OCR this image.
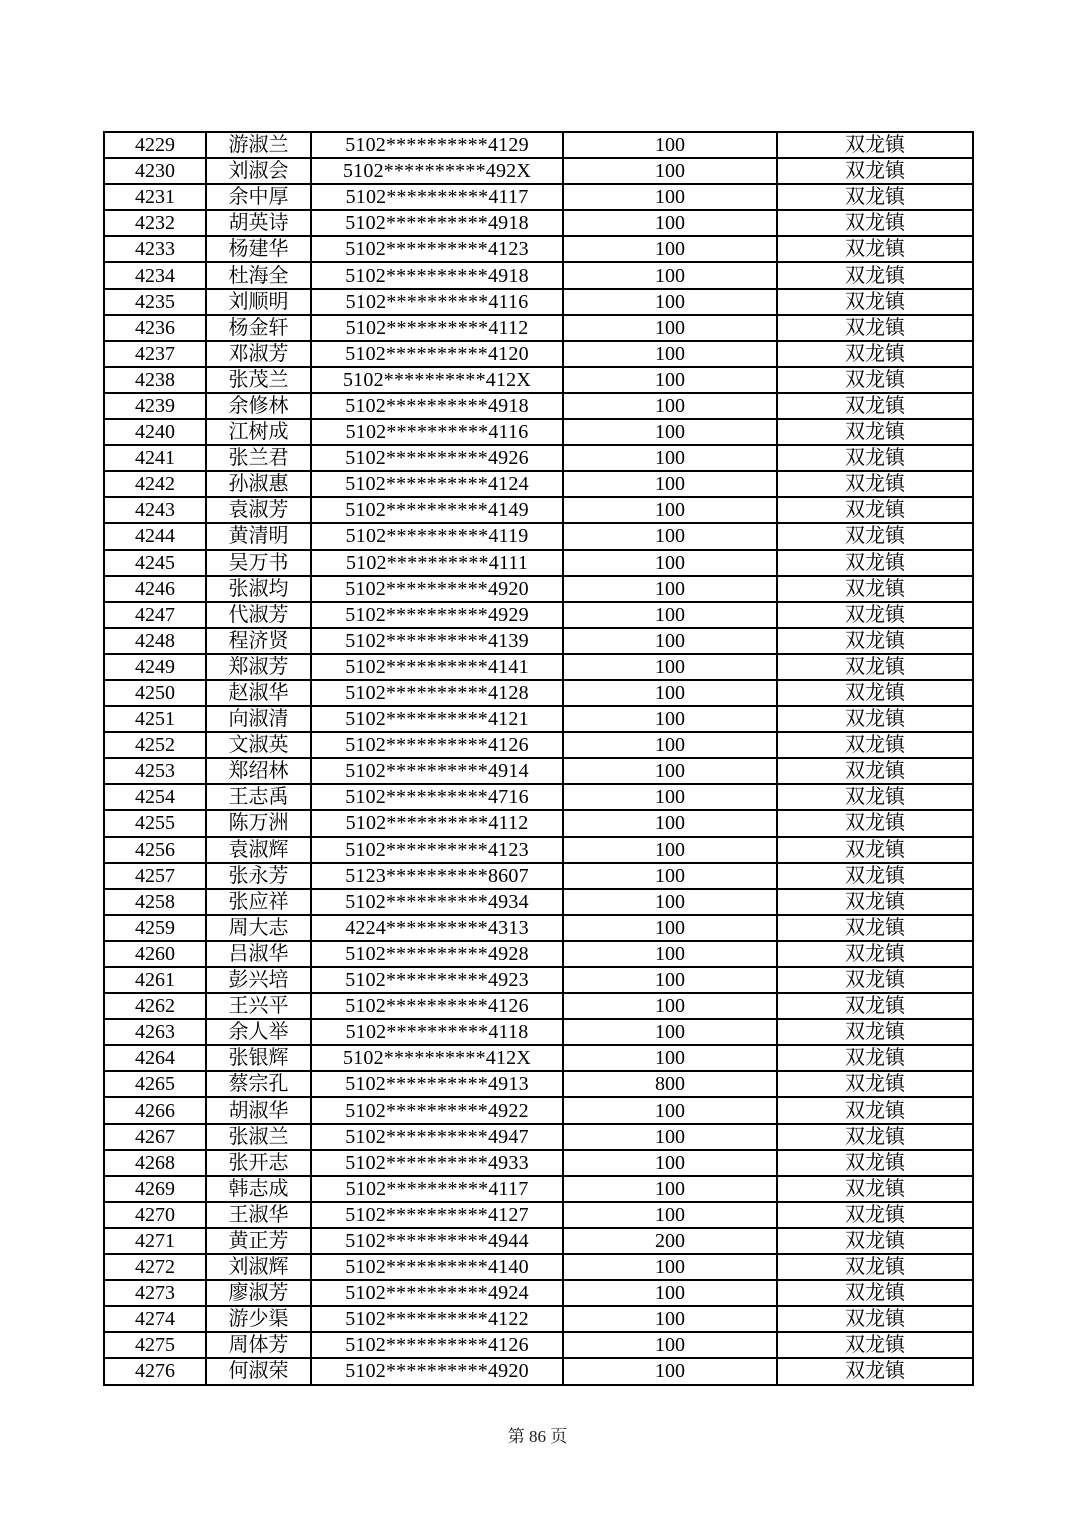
4229	游淑兰	5102**********4129	100	双龙镇
4230	刘淑会	5102**********492X	100	双龙镇
4231	余中厚	5102**********4117	100	双龙镇
4232	胡英诗	5102**********4918	100	双龙镇
4233	杨建华	5102**********4123	100	双龙镇
4234	杜海全	5102**********4918	100	双龙镇
4235	刘顺明	5102**********4116	100	双龙镇
4236	杨金轩	5102**********4112	100	双龙镇
4237	邓淑芳	5102**********4120	100	双龙镇
4238	张茂兰	5102**********412X	100	双龙镇
4239	余修林	5102**********4918	100	双龙镇
4240	江树成	5102**********4116	100	双龙镇
4241	张兰君	5102**********4926	100	双龙镇
4242	孙淑惠	5102**********4124	100	双龙镇
4243	袁淑芳	5102**********4149	100	双龙镇
4244	黄清明	5102**********4119	100	双龙镇
4245	吴万书	5102**********4111	100	双龙镇
4246	张淑均	5102**********4920	100	双龙镇
4247	代淑芳	5102**********4929	100	双龙镇
4248	程济贤	5102**********4139	100	双龙镇
4249	郑淑芳	5102**********4141	100	双龙镇
4250	赵淑华	5102**********4128	100	双龙镇
4251	向淑清	5102**********4121	100	双龙镇
4252	文淑英	5102**********4126	100	双龙镇
4253	郑绍林	5102**********4914	100	双龙镇
4254	王志禹	5102**********4716	100	双龙镇
4255	陈万洲	5102**********4112	100	双龙镇
4256	袁淑辉	5102**********4123	100	双龙镇
4257	张永芳	5123**********8607	100	双龙镇
4258	张应祥	5102**********4934	100	双龙镇
4259	周大志	4224**********4313	100	双龙镇
4260	吕淑华	5102**********4928	100	双龙镇
4261	彭兴培	5102**********4923	100	双龙镇
4262	王兴平	5102**********4126	100	双龙镇
4263	余人举	5102**********4118	100	双龙镇
4264	张银辉	5102**********412X	100	双龙镇
4265	蔡宗孔	5102**********4913	800	双龙镇
4266	胡淑华	5102**********4922	100	双龙镇
4267	张淑兰	5102**********4947	100	双龙镇
4268	张开志	5102**********4933	100	双龙镇
4269	韩志成	5102**********4117	100	双龙镇
4270	王淑华	5102**********4127	100	双龙镇
4271	黄正芳	5102**********4944	200	双龙镇
4272	刘淑辉	5102**********4140	100	双龙镇
4273	廖淑芳	5102**********4924	100	双龙镇
4274	游少渠	5102**********4122	100	双龙镇
4275	周体芳	5102**********4126	100	双龙镇
4276	何淑荣	5102**********4920	100	双龙镇
第 86 页
